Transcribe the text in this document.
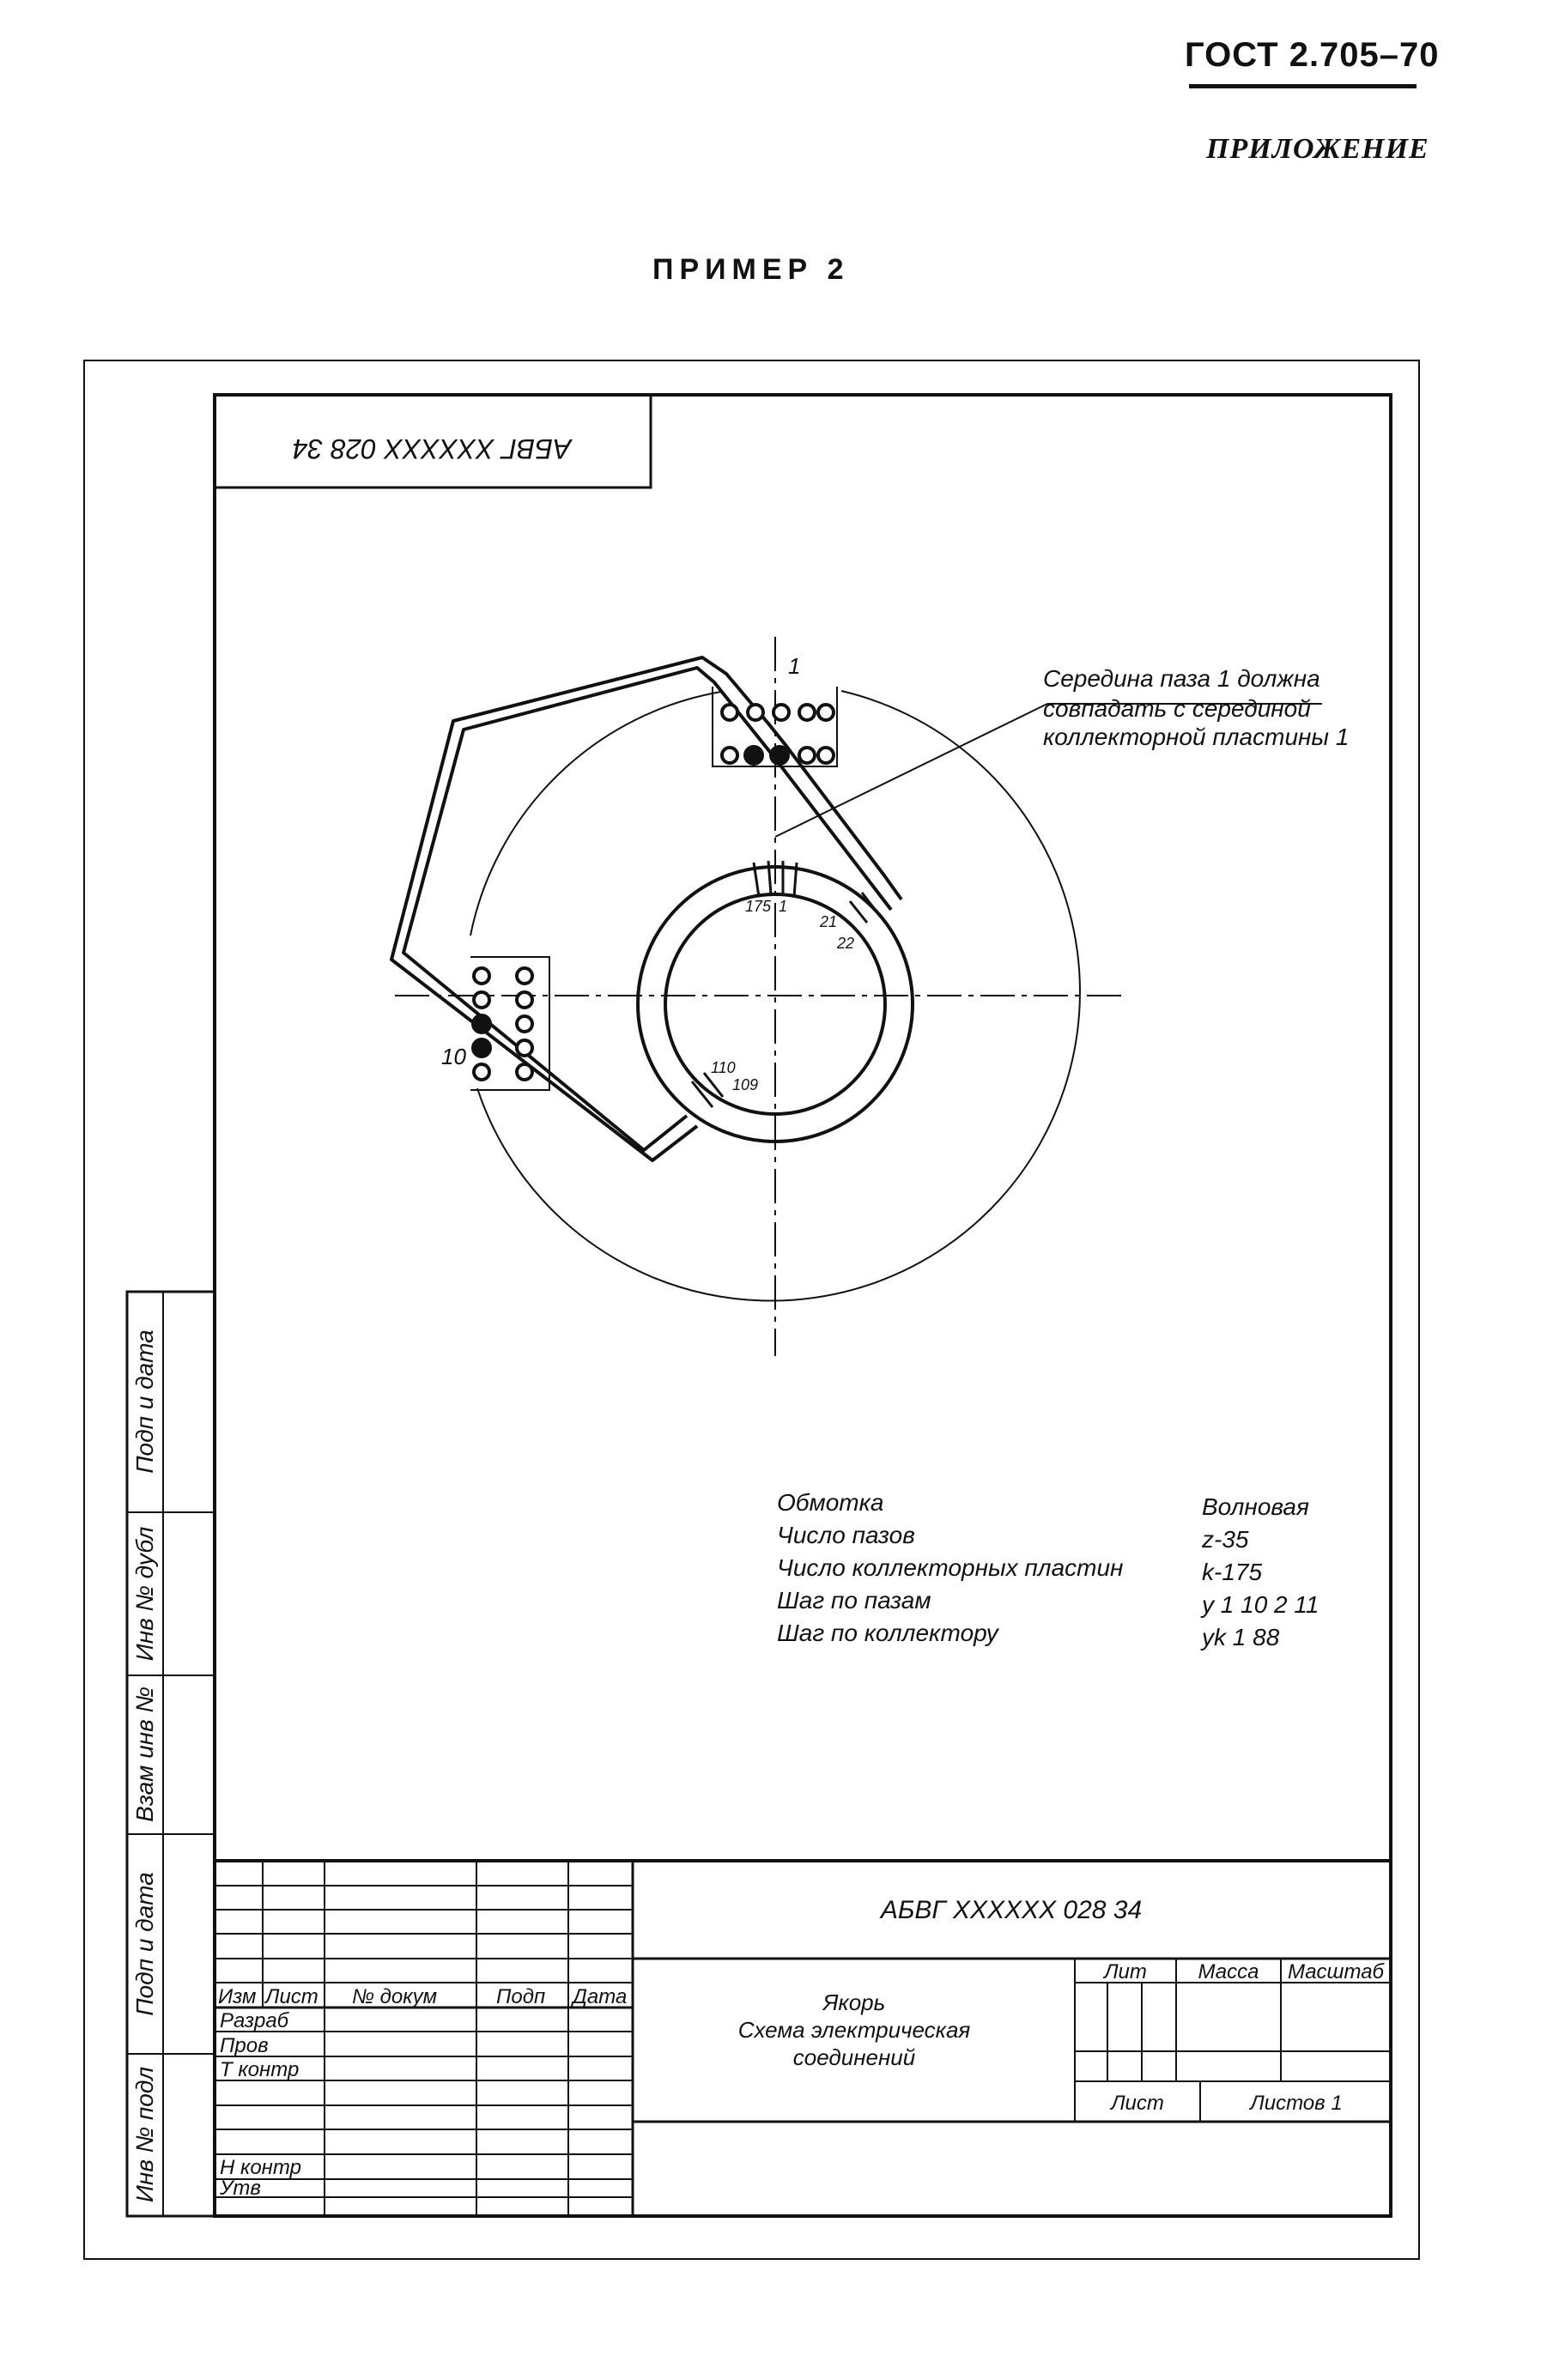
ГОСТ 2.705–70
ПРИЛОЖЕНИЕ
ПРИМЕР 2
АБВГ ХХХХХХ 028 34
Подп и дата
Инв № дубл
Взам инв №
Подп и дата
Инв № подл
1
10
175 1
21
22
110
109
Середина паза 1 должна
совпадать с серединой
коллекторной пластины 1
Обмотка	Волновая
Число пазов	z-35
Число коллекторных пластин	k-175
Шаг по пазам	y 1 10 2 11
Шаг по коллектору	yk 1 88
АБВГ ХХХХХХ 028 34
Изм Лист № докум	Подп Дата
Разраб
Пров
Т контр
Н контр
Утв
Якорь
Схема электрическая
соединений
Лит Масса Масштаб
Лист	Листов 1
